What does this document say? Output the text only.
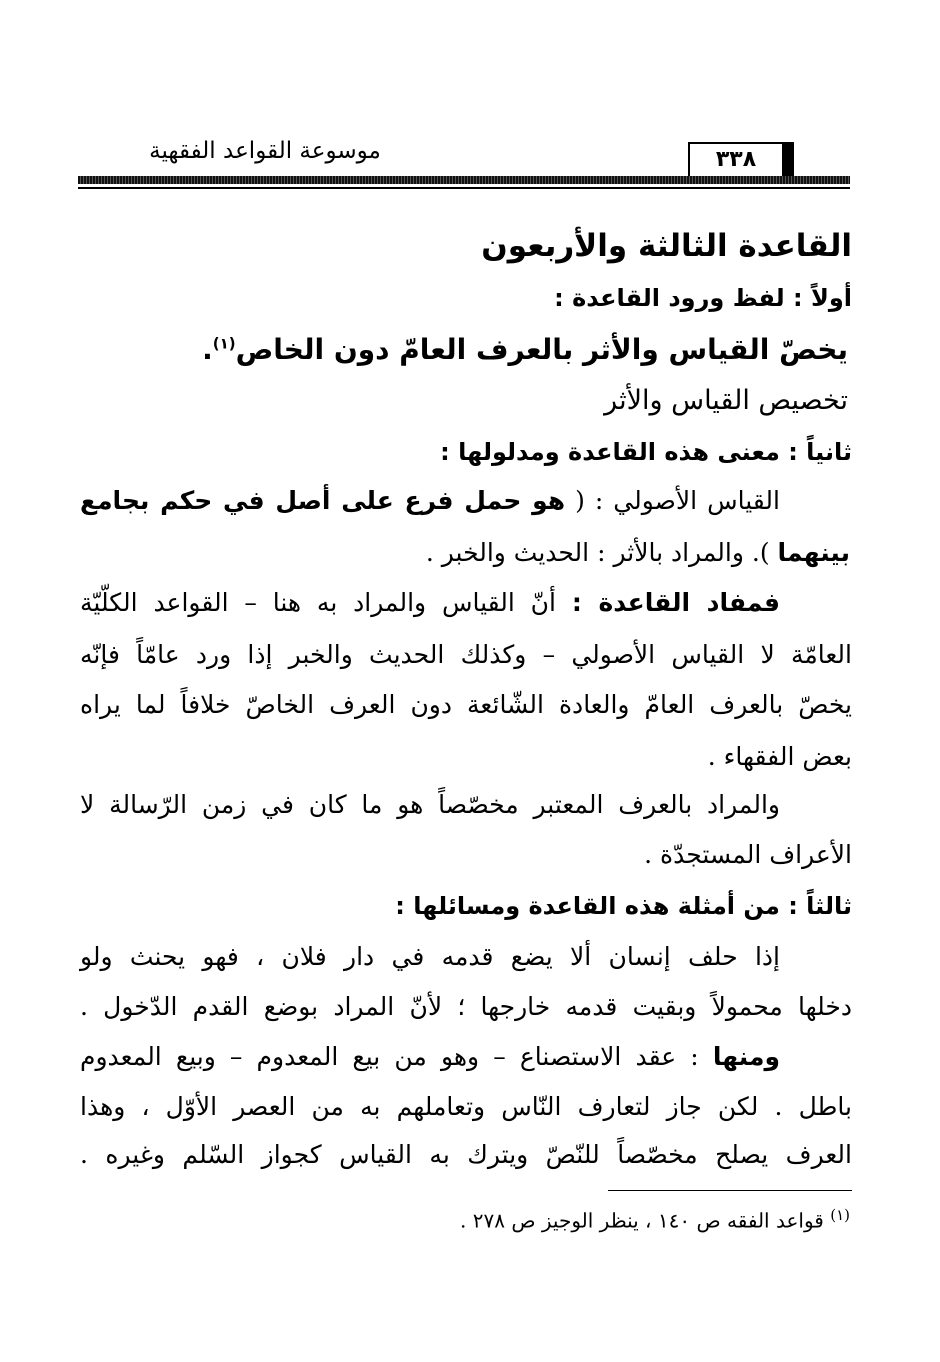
موسوعة القواعد الفقهية	٣٣٨
القاعدة الثالثة والأربعون
أولاً : لفظ ورود القاعدة :
يخصّ القياس والأثر بالعرف العامّ دون الخاص$^{(١)}$.
تخصيص القياس والأثر
ثانياً : معنى هذه القاعدة ومدلولها :
القياس الأصولي : ( هو حمل فرع على أصل في حكم بجامع
بينهما ). والمراد بالأثر : الحديث والخبر .
فمفاد القاعدة : أنّ القياس والمراد به هنا – القواعد الكلّيّة
العامّة لا القياس الأصولي – وكذلك الحديث والخبر إذا ورد عامّاً فإنّه
يخصّ بالعرف العامّ والعادة الشّائعة دون العرف الخاصّ خلافاً لما يراه
بعض الفقهاء .
والمراد بالعرف المعتبر مخصّصاً هو ما كان في زمن الرّسالة لا
الأعراف المستجدّة .
ثالثاً : من أمثلة هذه القاعدة ومسائلها :
إذا حلف إنسان ألا يضع قدمه في دار فلان ، فهو يحنث ولو
دخلها محمولاً وبقيت قدمه خارجها ؛ لأنّ المراد بوضع القدم الدّخول .
ومنها : عقد الاستصناع – وهو من بيع المعدوم – وبيع المعدوم
باطل . لكن جاز لتعارف النّاس وتعاملهم به من العصر الأوّل ، وهذا
العرف يصلح مخصّصاً للنّصّ ويترك به القياس كجواز السّلم وغيره .
$^{(١)}$ قواعد الفقه ص ١٤٠ ، ينظر الوجيز ص ٢٧٨ .
